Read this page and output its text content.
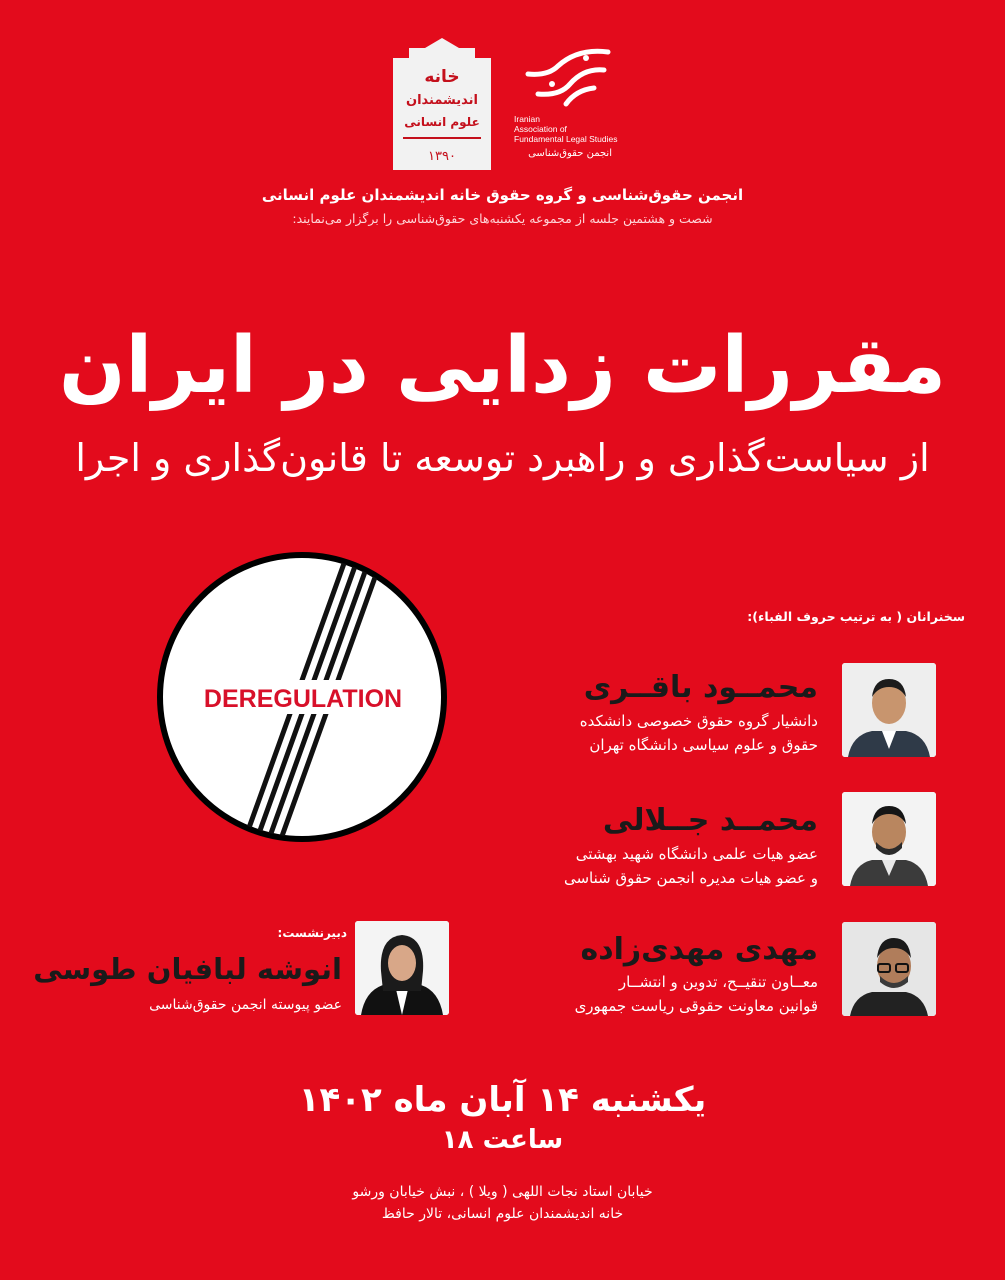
خانه
اندیشمندان
علوم انسانی
۱۳۹۰
Iranian
Association of
Fundamental Legal Studies
انجمن حقوق‌شناسی
انجمن حقوق‌شناسی و گروه حقوق خانه اندیشمندان علوم انسانی
شصت و هشتمین جلسه از مجموعه یکشنبه‌های حقوق‌شناسی را برگزار می‌نمایند:
مقررات زدایی در ایران
از سیاست‌گذاری و راهبرد توسعه تا قانون‌گذاری و اجرا
DEREGULATION
سخنرانان ( به ترتیب حروف الفباء):
محمــود باقــری
دانشیار گروه حقوق خصوصی دانشکده
حقوق و علوم سیاسی دانشگاه تهران
محمــد جــلالی
عضو هیات علمی دانشگاه شهید بهشتی
و عضو هیات مدیره انجمن حقوق شناسی
مهدی مهدی‌زاده
معــاون تنقیــح، تدوین و انتشــار
قوانین معاونت حقوقی ریاست جمهوری
دبیرنشست:
انوشه لبافیان طوسی
عضو پیوسته انجمن حقوق‌شناسی
یکشنبه ۱۴ آبان ماه ۱۴۰۲
ساعت ۱۸
خیابان استاد نجات اللهی ( ویلا ) ، نبش خیابان ورشو
خانه اندیشمندان علوم انسانی، تالار حافظ
